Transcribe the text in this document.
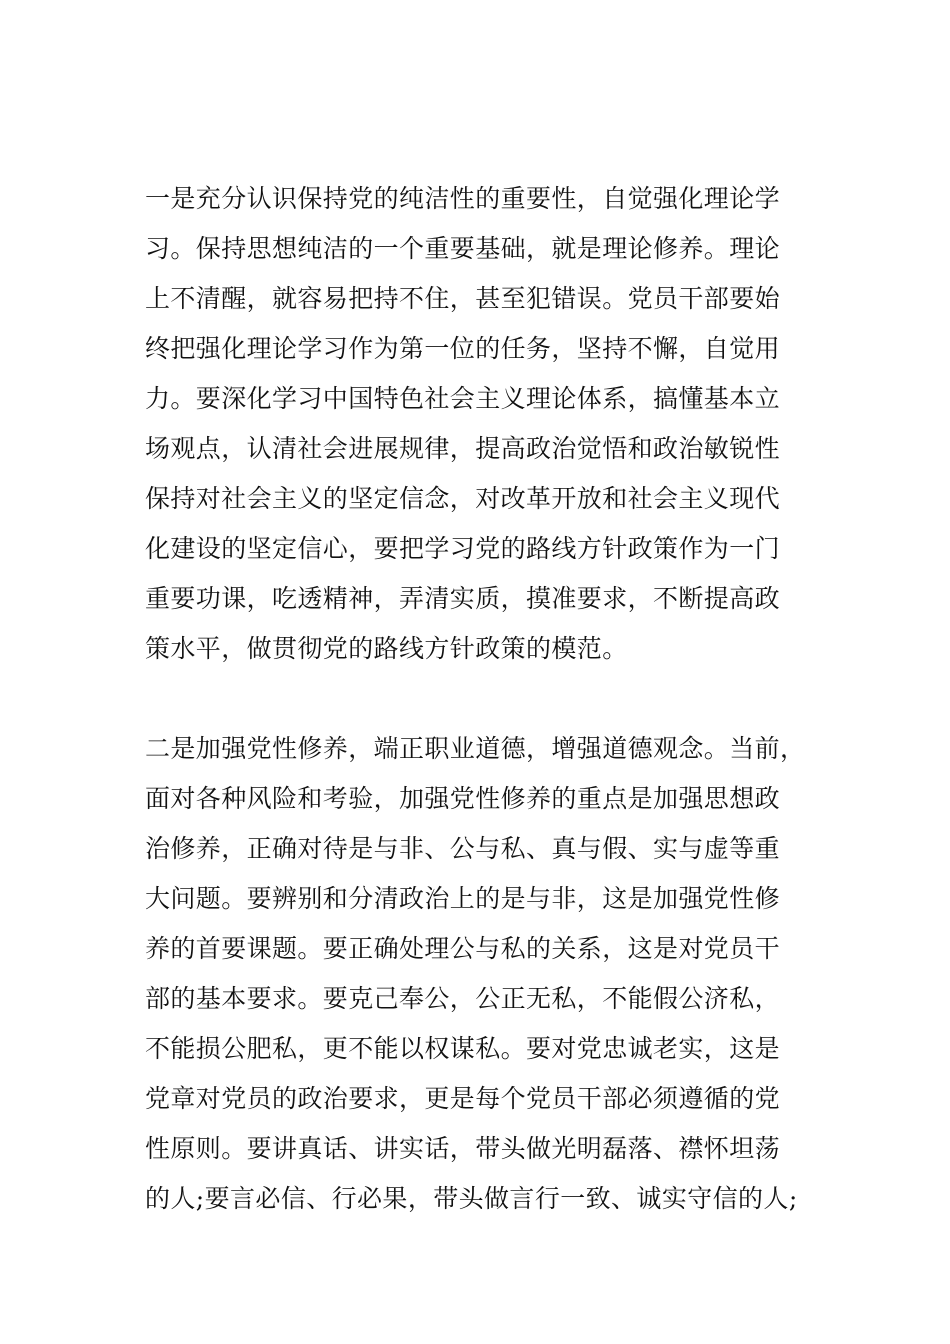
一是充分认识保持党的纯洁性的重要性，自觉强化理论学
习。保持思想纯洁的一个重要基础，就是理论修养。理论
上不清醒，就容易把持不住，甚至犯错误。党员干部要始
终把强化理论学习作为第一位的任务，坚持不懈，自觉用
力。要深化学习中国特色社会主义理论体系，搞懂基本立
场观点，认清社会进展规律，提高政治觉悟和政治敏锐性
保持对社会主义的坚定信念，对改革开放和社会主义现代
化建设的坚定信心，要把学习党的路线方针政策作为一门
重要功课，吃透精神，弄清实质，摸准要求，不断提高政
策水平，做贯彻党的路线方针政策的模范。
二是加强党性修养，端正职业道德，增强道德观念。当前，
面对各种风险和考验，加强党性修养的重点是加强思想政
治修养，正确对待是与非、公与私、真与假、实与虚等重
大问题。要辨别和分清政治上的是与非，这是加强党性修
养的首要课题。要正确处理公与私的关系，这是对党员干
部的基本要求。要克己奉公，公正无私，不能假公济私，
不能损公肥私，更不能以权谋私。要对党忠诚老实，这是
党章对党员的政治要求，更是每个党员干部必须遵循的党
性原则。要讲真话、讲实话，带头做光明磊落、襟怀坦荡
的人;要言必信、行必果，带头做言行一致、诚实守信的人;
